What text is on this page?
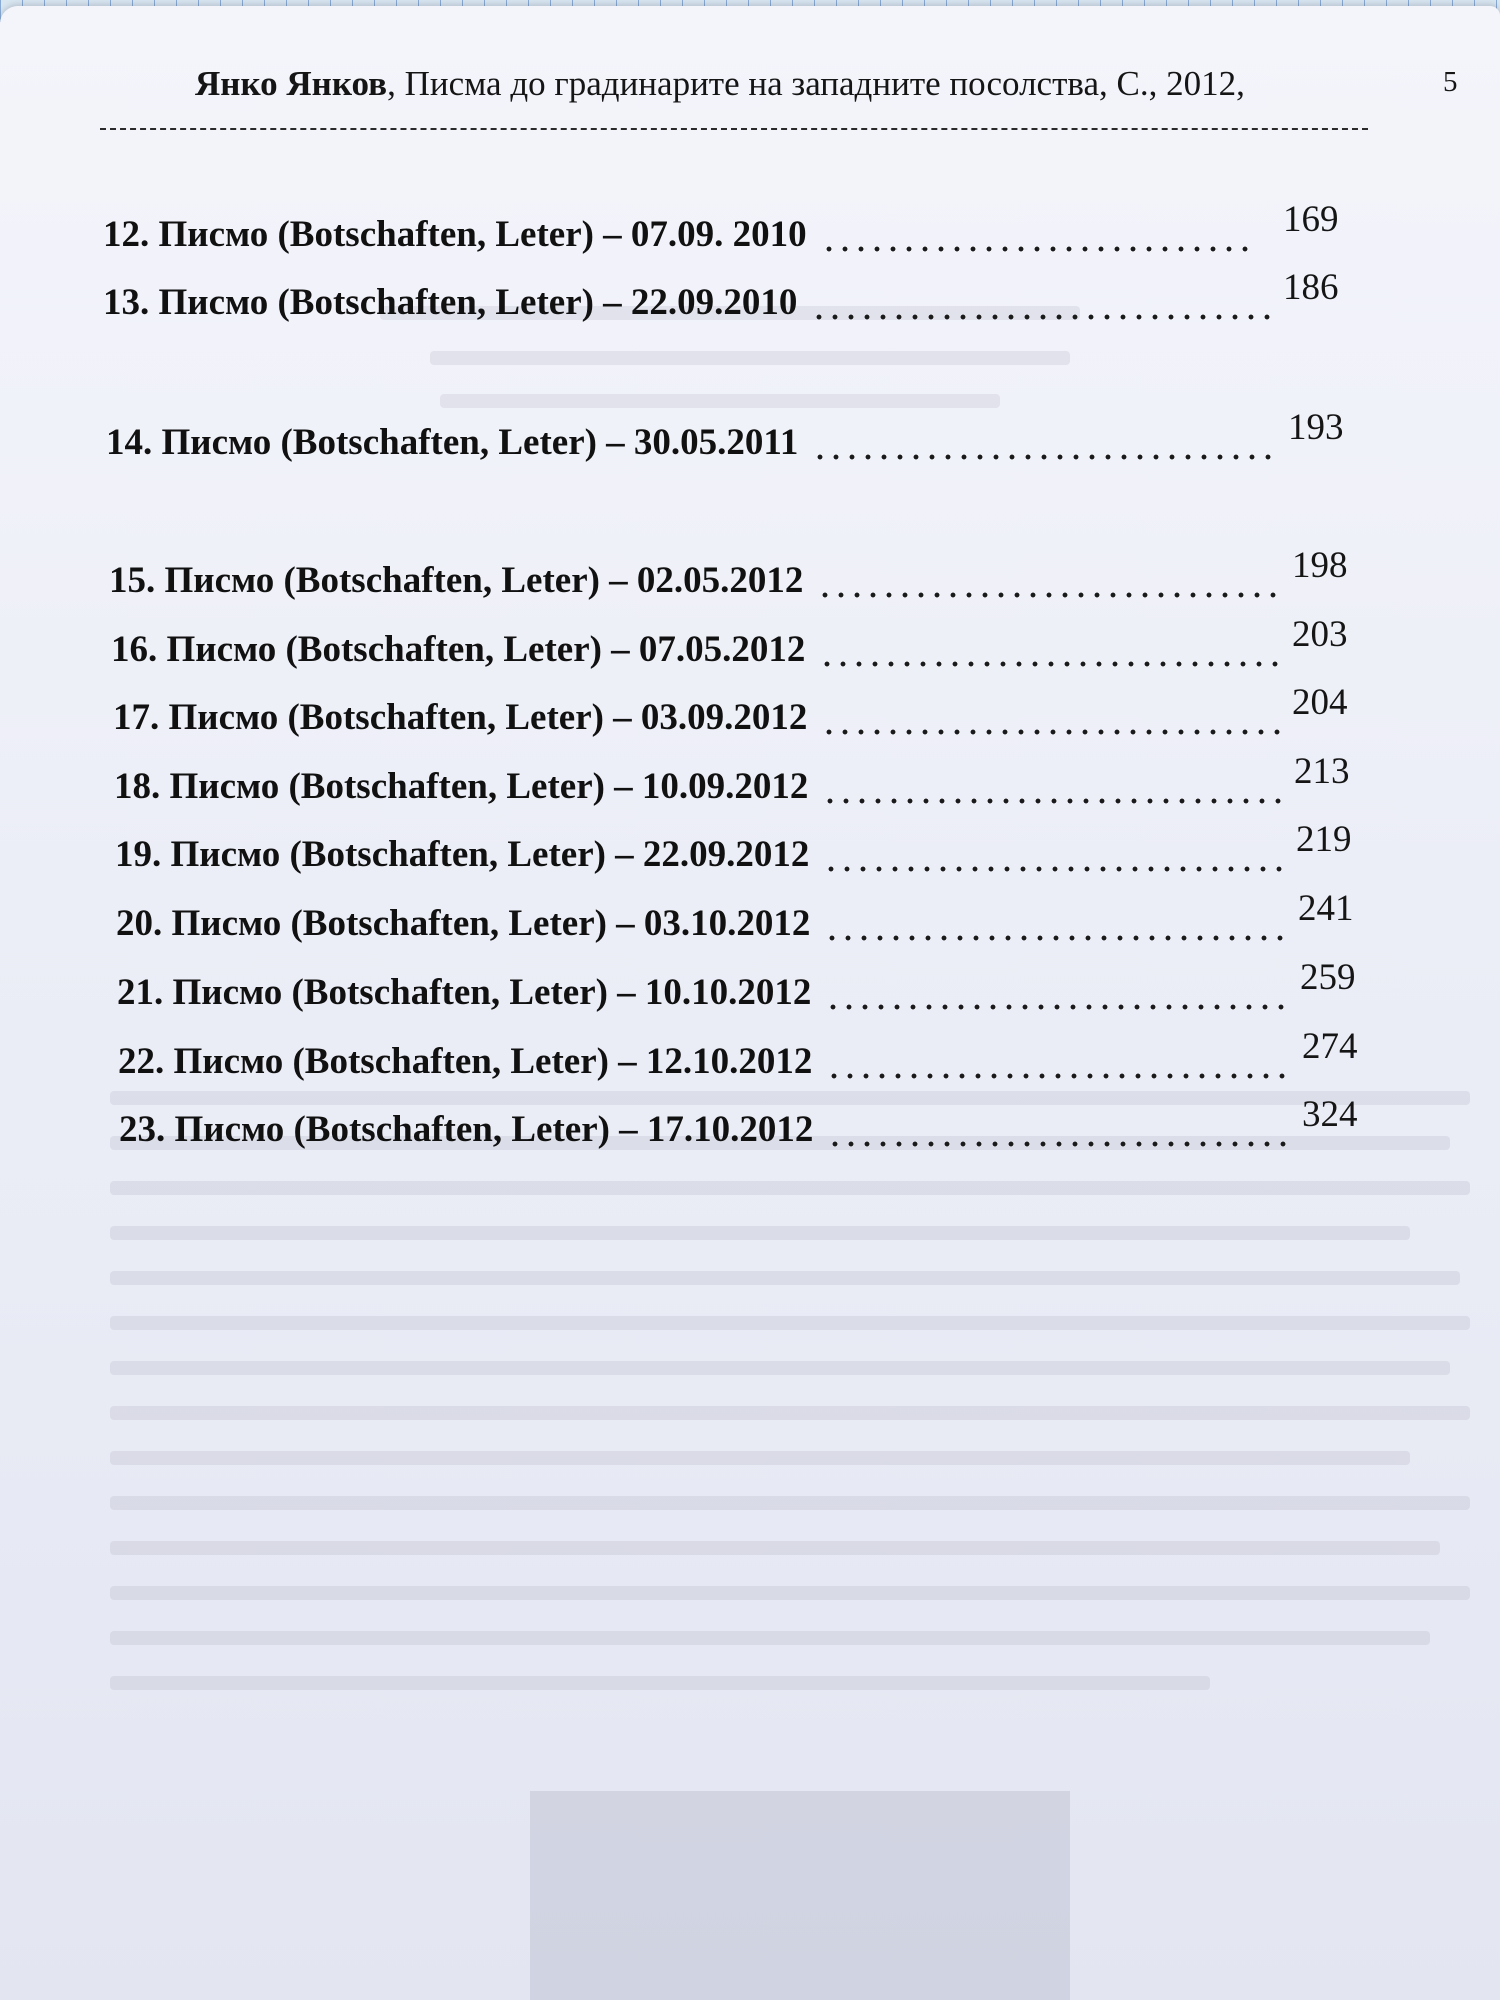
Янко Янков, Писма до градинарите на западните посолства, С., 2012,	5
12. Писмо (Botschaften, Leter) – 07.09. 2010	169
13. Писмо (Botschaften, Leter) – 22.09.2010	186
14. Писмо (Botschaften, Leter) – 30.05.2011	193
15. Писмо (Botschaften, Leter) – 02.05.2012	198
16. Писмо (Botschaften, Leter) – 07.05.2012	203
17. Писмо (Botschaften, Leter) – 03.09.2012	204
18. Писмо (Botschaften, Leter) – 10.09.2012	213
19. Писмо (Botschaften, Leter) – 22.09.2012	219
20. Писмо (Botschaften, Leter) – 03.10.2012	241
21. Писмо (Botschaften, Leter) – 10.10.2012	259
22. Писмо (Botschaften, Leter) – 12.10.2012	274
23. Писмо (Botschaften, Leter) – 17.10.2012	324
